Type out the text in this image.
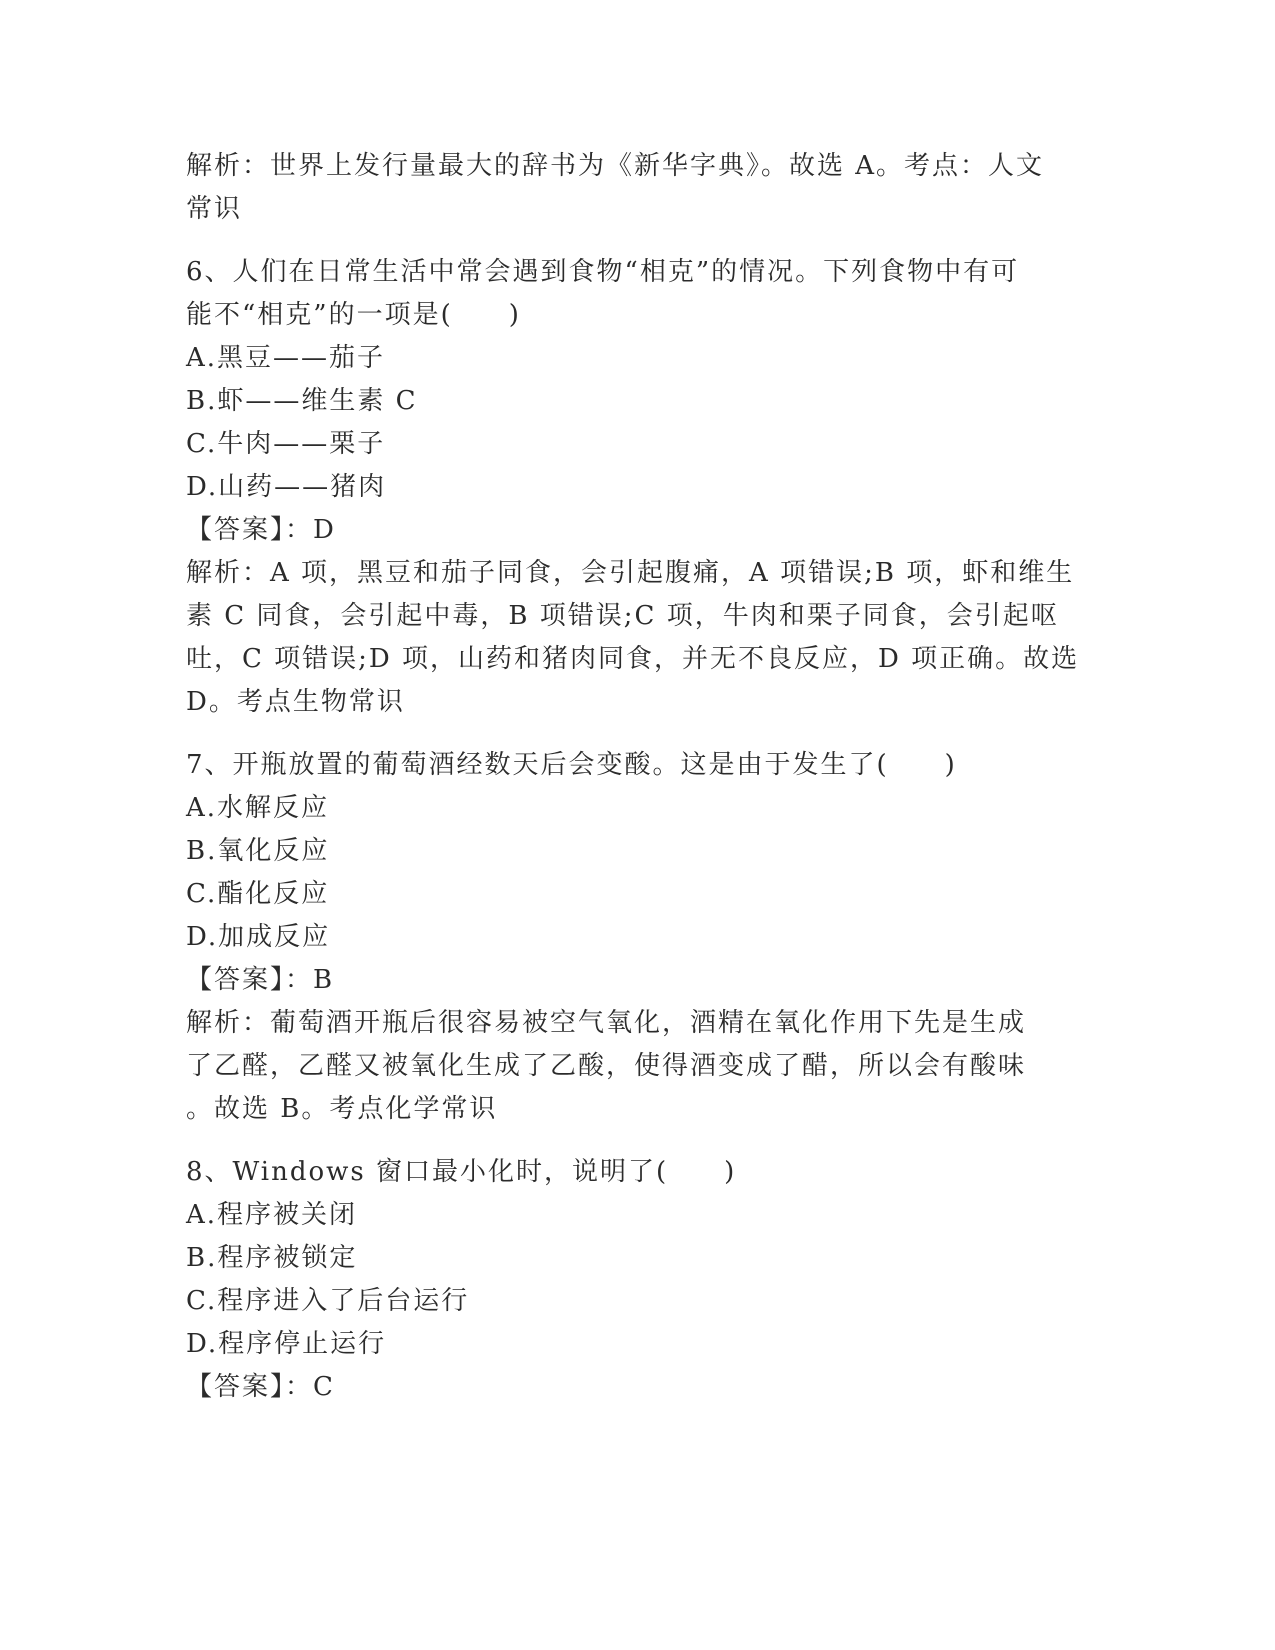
解析：世界上发行量最大的辞书为《新华字典》。故选 A。考点：人文
常识
6、人们在日常生活中常会遇到食物“相克”的情况。下列食物中有可
能不“相克”的一项是(　　)
A.黑豆——茄子
B.虾——维生素 C
C.牛肉——栗子
D.山药——猪肉
【答案】：D
解析：A 项，黑豆和茄子同食，会引起腹痛，A 项错误;B 项，虾和维生
素 C 同食，会引起中毒，B 项错误;C 项，牛肉和栗子同食，会引起呕
吐，C 项错误;D 项，山药和猪肉同食，并无不良反应，D 项正确。故选
D。考点生物常识
7、开瓶放置的葡萄酒经数天后会变酸。这是由于发生了(　　)
A.水解反应
B.氧化反应
C.酯化反应
D.加成反应
【答案】：B
解析：葡萄酒开瓶后很容易被空气氧化，酒精在氧化作用下先是生成
了乙醛，乙醛又被氧化生成了乙酸，使得酒变成了醋，所以会有酸味
。故选 B。考点化学常识
8、Windows 窗口最小化时，说明了(　　)
A.程序被关闭
B.程序被锁定
C.程序进入了后台运行
D.程序停止运行
【答案】：C
